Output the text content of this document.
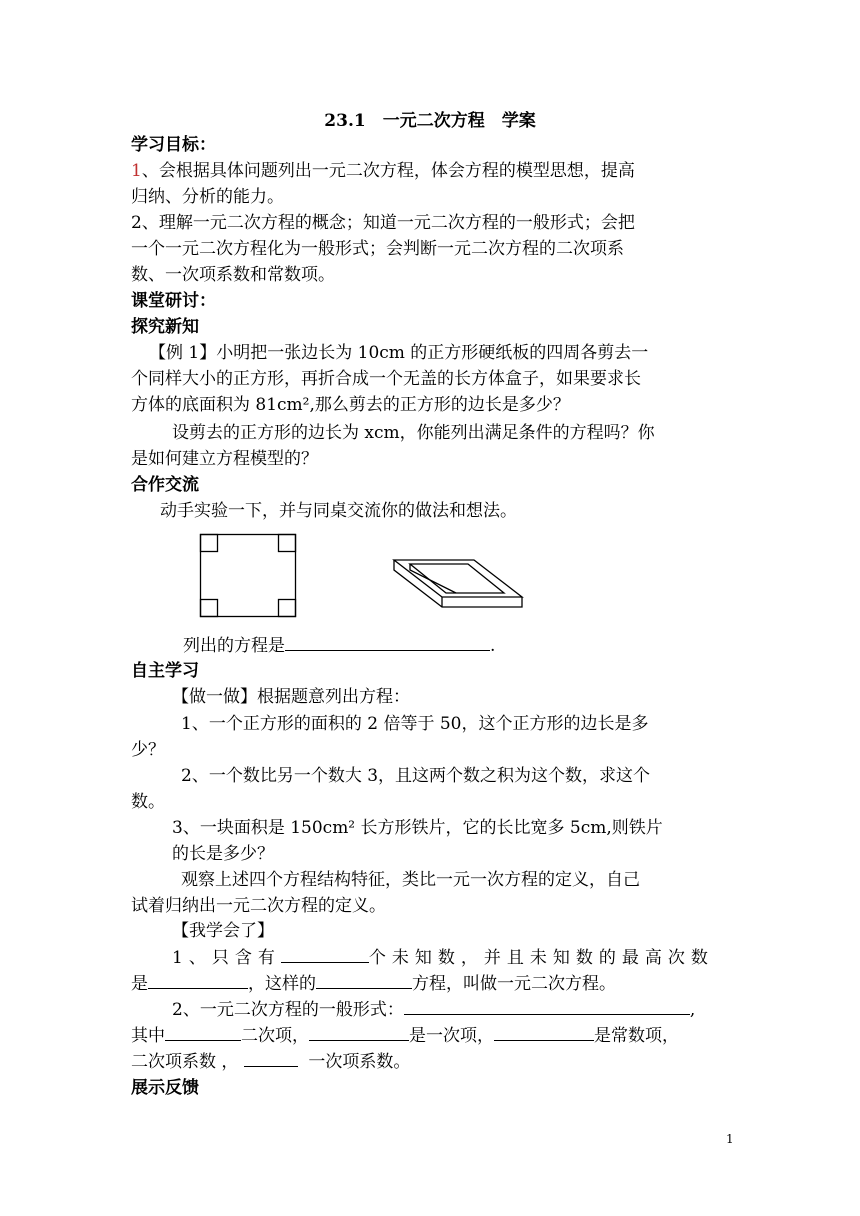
23.1　一元二次方程　学案
学习目标：
1、会根据具体问题列出一元二次方程，体会方程的模型思想，提高
归纳、分析的能力。
2、理解一元二次方程的概念；知道一元二次方程的一般形式；会把
一个一元二次方程化为一般形式；会判断一元二次方程的二次项系
数、一次项系数和常数项。
课堂研讨：
探究新知
【例 1】小明把一张边长为 10cm 的正方形硬纸板的四周各剪去一
个同样大小的正方形，再折合成一个无盖的长方体盒子，如果要求长
方体的底面积为 81cm²,那么剪去的正方形的边长是多少？
设剪去的正方形的边长为 xcm，你能列出满足条件的方程吗？你
是如何建立方程模型的？
合作交流
动手实验一下，并与同桌交流你的做法和想法。
列出的方程是	.
自主学习
【做一做】根据题意列出方程：
1、一个正方形的面积的 2 倍等于 50，这个正方形的边长是多
少？
2、一个数比另一个数大 3，且这两个数之积为这个数，求这个
数。
3、一块面积是 150cm² 长方形铁片，它的长比宽多 5cm,则铁片
的长是多少？
观察上述四个方程结构特征，类比一元一次方程的定义，自己
试着归纳出一元二次方程的定义。
【我学会了】
1、只含有	个未知数，并且未知数的最高次数
是	，这样的	方程，叫做一元二次方程。
2、一元二次方程的一般形式：	,
其中	二次项，	是一次项，	是常数项，
二次项系数 ，	一次项系数。
展示反馈
1
